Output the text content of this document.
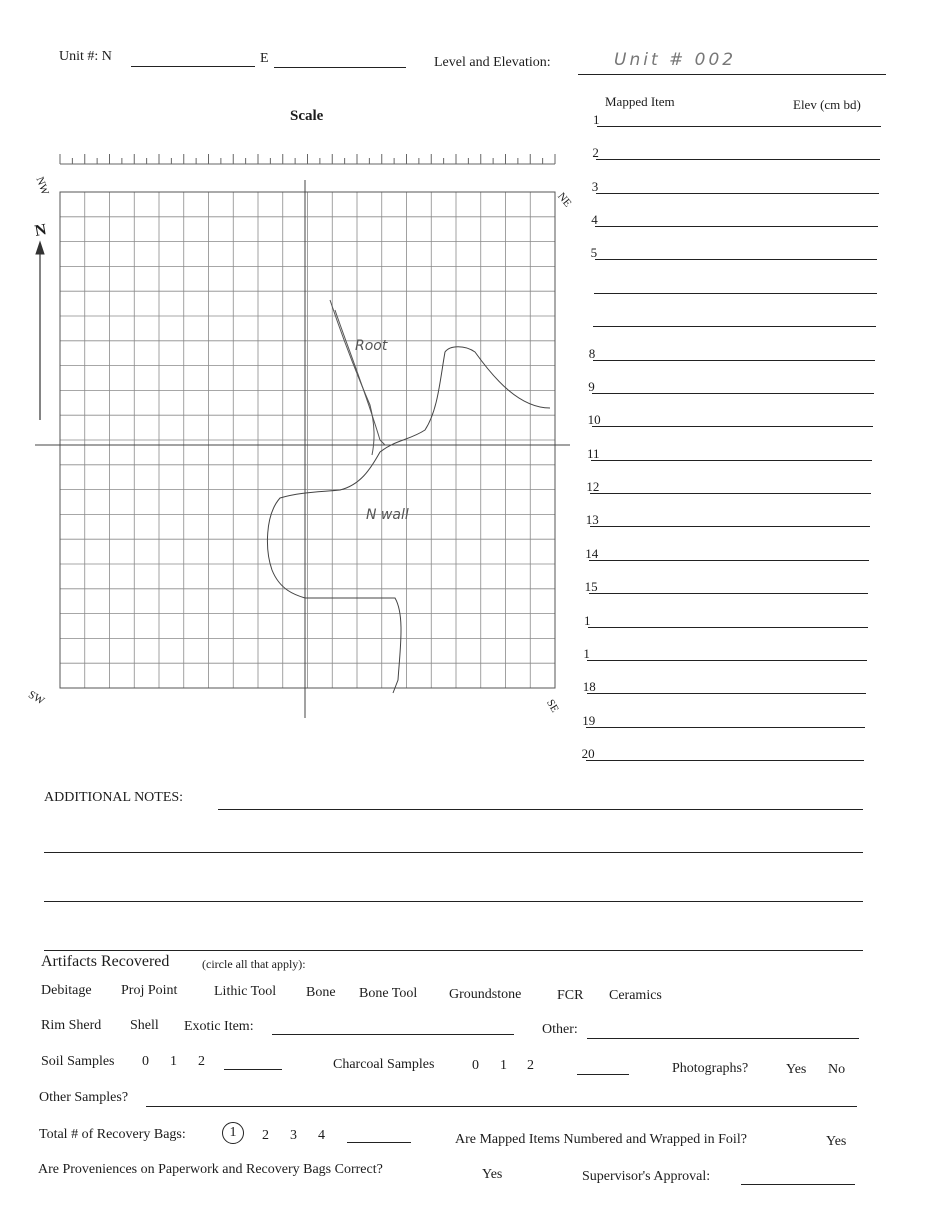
Unit #: N	E	Level and Elevation:	Unit # 002
Scale
NW
NE
SW	SE
N
Root
N wall
Mapped Item	Elev (cm bd)
1
2
3
4
5
8
9
10
11
12
13
14
15
1
1
18
19
20
ADDITIONAL NOTES:
Artifacts Recovered	(circle all that apply):
Debitage Proj Point	Lithic Tool Bone Bone Tool Groundstone	FCR Ceramics
Rim Sherd Shell Exotic Item:	Other:
Soil Samples 0 1 2	Charcoal Samples	0 1 2	Photographs?	Yes No
Other Samples?
Total # of Recovery Bags:	1	2 3 4	Are Mapped Items Numbered and Wrapped in Foil?	Yes
Are Proveniences on Paperwork and Recovery Bags Correct?	Yes	Supervisor's Approval:
